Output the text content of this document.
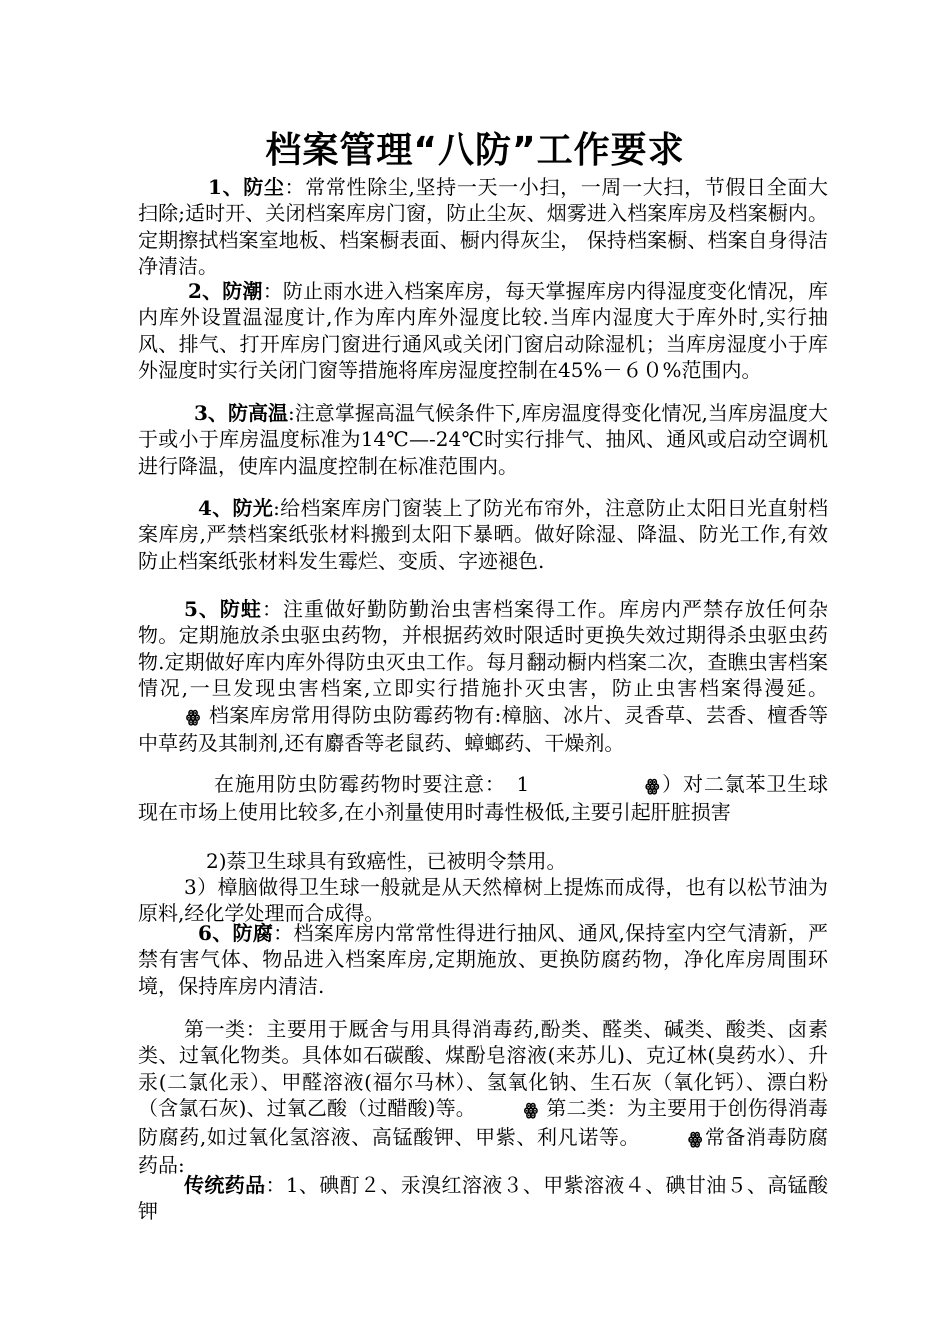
档案管理“八防”工作要求
1、防尘：常常性除尘,坚持一天一小扫，一周一大扫，节假日全面大扫除;适时开、关闭档案库房门窗，防止尘灰、烟雾进入档案库房及档案橱内。定期擦拭档案室地板、档案橱表面、橱内得灰尘， 保持档案橱、档案自身得洁净清洁。
2、防潮：防止雨水进入档案库房，每天掌握库房内得湿度变化情况，库内库外设置温湿度计,作为库内库外湿度比较.当库内湿度大于库外时,实行抽风、排气、打开库房门窗进行通风或关闭门窗启动除湿机；当库房湿度小于库外湿度时实行关闭门窗等措施将库房湿度控制在45%－６０%范围内。
3、防高温:注意掌握高温气候条件下,库房温度得变化情况,当库房温度大于或小于库房温度标准为14℃—-24℃时实行排气、抽风、通风或启动空调机进行降温，使库内温度控制在标准范围内。
4、防光:给档案库房门窗装上了防光布帘外，注意防止太阳日光直射档案库房,严禁档案纸张材料搬到太阳下暴晒。做好除湿、降温、防光工作,有效防止档案纸张材料发生霉烂、变质、字迹褪色.
5、防蛀：注重做好勤防勤治虫害档案得工作。库房内严禁存放任何杂物。定期施放杀虫驱虫药物，并根据药效时限适时更换失效过期得杀虫驱虫药物.定期做好库内库外得防虫灭虫工作。每月翻动橱内档案二次，查瞧虫害档案情况,一旦发现虫害档案,立即实行措施扑灭虫害，防止虫害档案得漫延。ꙮ 档案库房常用得防虫防霉药物有:樟脑、冰片、灵香草、芸香、檀香等中草药及其制剂,还有麝香等老鼠药、蟑螂药、干燥剂。
在施用防虫防霉药物时要注意：　1	ꙮ ）对二氯苯卫生球现在市场上使用比较多,在小剂量使用时毒性极低,主要引起肝脏损害
2)萘卫生球具有致癌性，已被明令禁用。
3）樟脑做得卫生球一般就是从天然樟树上提炼而成得，也有以松节油为原料,经化学处理而合成得。
6、防腐：档案库房内常常性得进行抽风、通风,保持室内空气清新，严禁有害气体、物品进入档案库房,定期施放、更换防腐药物，净化库房周围环境，保持库房内清洁.
第一类：主要用于厩舍与用具得消毒药,酚类、醛类、碱类、酸类、卤素类、过氧化物类。具体如石碳酸、煤酚皂溶液(来苏儿)、克辽林(臭药水）、升汞(二氯化汞）、甲醛溶液(福尔马林）、氢氧化钠、生石灰（氧化钙）、漂白粉（含氯石灰)、过氧乙酸（过醋酸)等。	ꙮ 第二类：为主要用于创伤得消毒防腐药,如过氧化氢溶液、高锰酸钾、甲紫、利凡诺等。	ꙮ 常备消毒防腐药品:
传统药品：1、碘酊２、汞溴红溶液３、甲紫溶液４、碘甘油５、高锰酸钾
